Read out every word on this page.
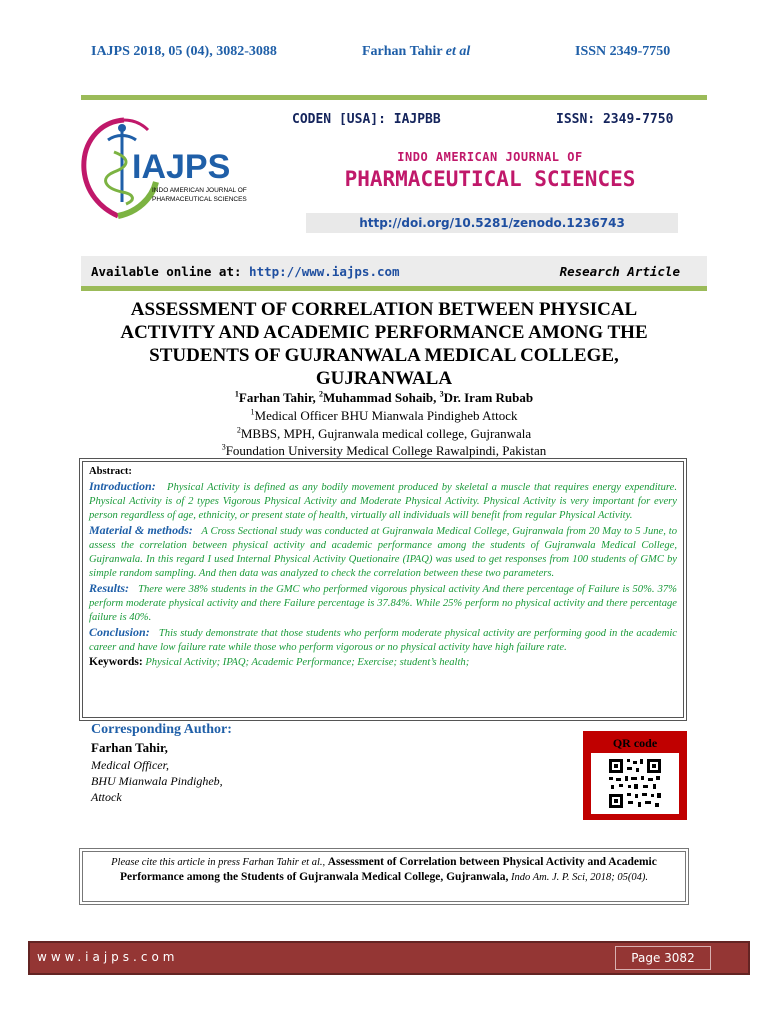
IAJPS 2018, 05 (04), 3082-3088	Farhan Tahir et al	ISSN 2349-7750
IAJPS
INDO AMERICAN JOURNAL OF
PHARMACEUTICAL SCIENCES
CODEN [USA]: IAJPBB	ISSN: 2349-7750
INDO AMERICAN JOURNAL OF
PHARMACEUTICAL SCIENCES
http://doi.org/10.5281/zenodo.1236743
Available online at: http://www.iajps.com	Research Article
ASSESSMENT OF CORRELATION BETWEEN PHYSICAL
ACTIVITY AND ACADEMIC PERFORMANCE AMONG THE
STUDENTS OF GUJRANWALA MEDICAL COLLEGE,
GUJRANWALA
$^1$Farhan Tahir, $^2$Muhammad Sohaib, $^3$Dr. Iram Rubab
$^1$Medical Officer BHU Mianwala Pindigheb Attock
$^2$MBBS, MPH, Gujranwala medical college, Gujranwala
$^3$Foundation University Medical College Rawalpindi, Pakistan

Abstract:

Introduction: Physical Activity is defined as any bodily movement produced by skeletal a muscle that requires energy expenditure. Physical Activity is of 2 types Vigorous Physical Activity and Moderate Physical Activity. Physical Activity is very important for every person regardless of age, ethnicity, or present state of health, virtually all individuals will benefit from regular Physical Activity.

Material & methods: A Cross Sectional study was conducted at Gujranwala Medical College, Gujranwala from 20 May to 5 June, to assess the correlation between physical activity and academic performance among the students of Gujranwala Medical College, Gujranwala. In this regard I used Internal Physical Activity Quetionaire (IPAQ) was used to get responses from 100 students of GMC by simple random sampling. And then data was analyzed to check the correlation between these two parameters.

Results: There were 38% students in the GMC who performed vigorous physical activity And there percentage of Failure is 50%. 37% perform moderate physical activity and there Failure percentage is 37.84%. While 25% perform no physical activity and there percentage failure is 40%.

Conclusion: This study demonstrate that those students who perform moderate physical activity are performing good in the academic career and have low failure rate while those who perform vigorous or no physical activity have high failure rate.

Keywords: Physical Activity; IPAQ; Academic Performance; Exercise; student’s health;

Corresponding Author:
Farhan Tahir,
Medical Officer,
BHU Mianwala Pindigheb,
Attock
QR code
Please cite this article in press Farhan Tahir et al., Assessment of Correlation between Physical Activity and Academic Performance among the Students of Gujranwala Medical College, Gujranwala, Indo Am. J. P. Sci, 2018; 05(04).
www.iajps.com	Page 3082
